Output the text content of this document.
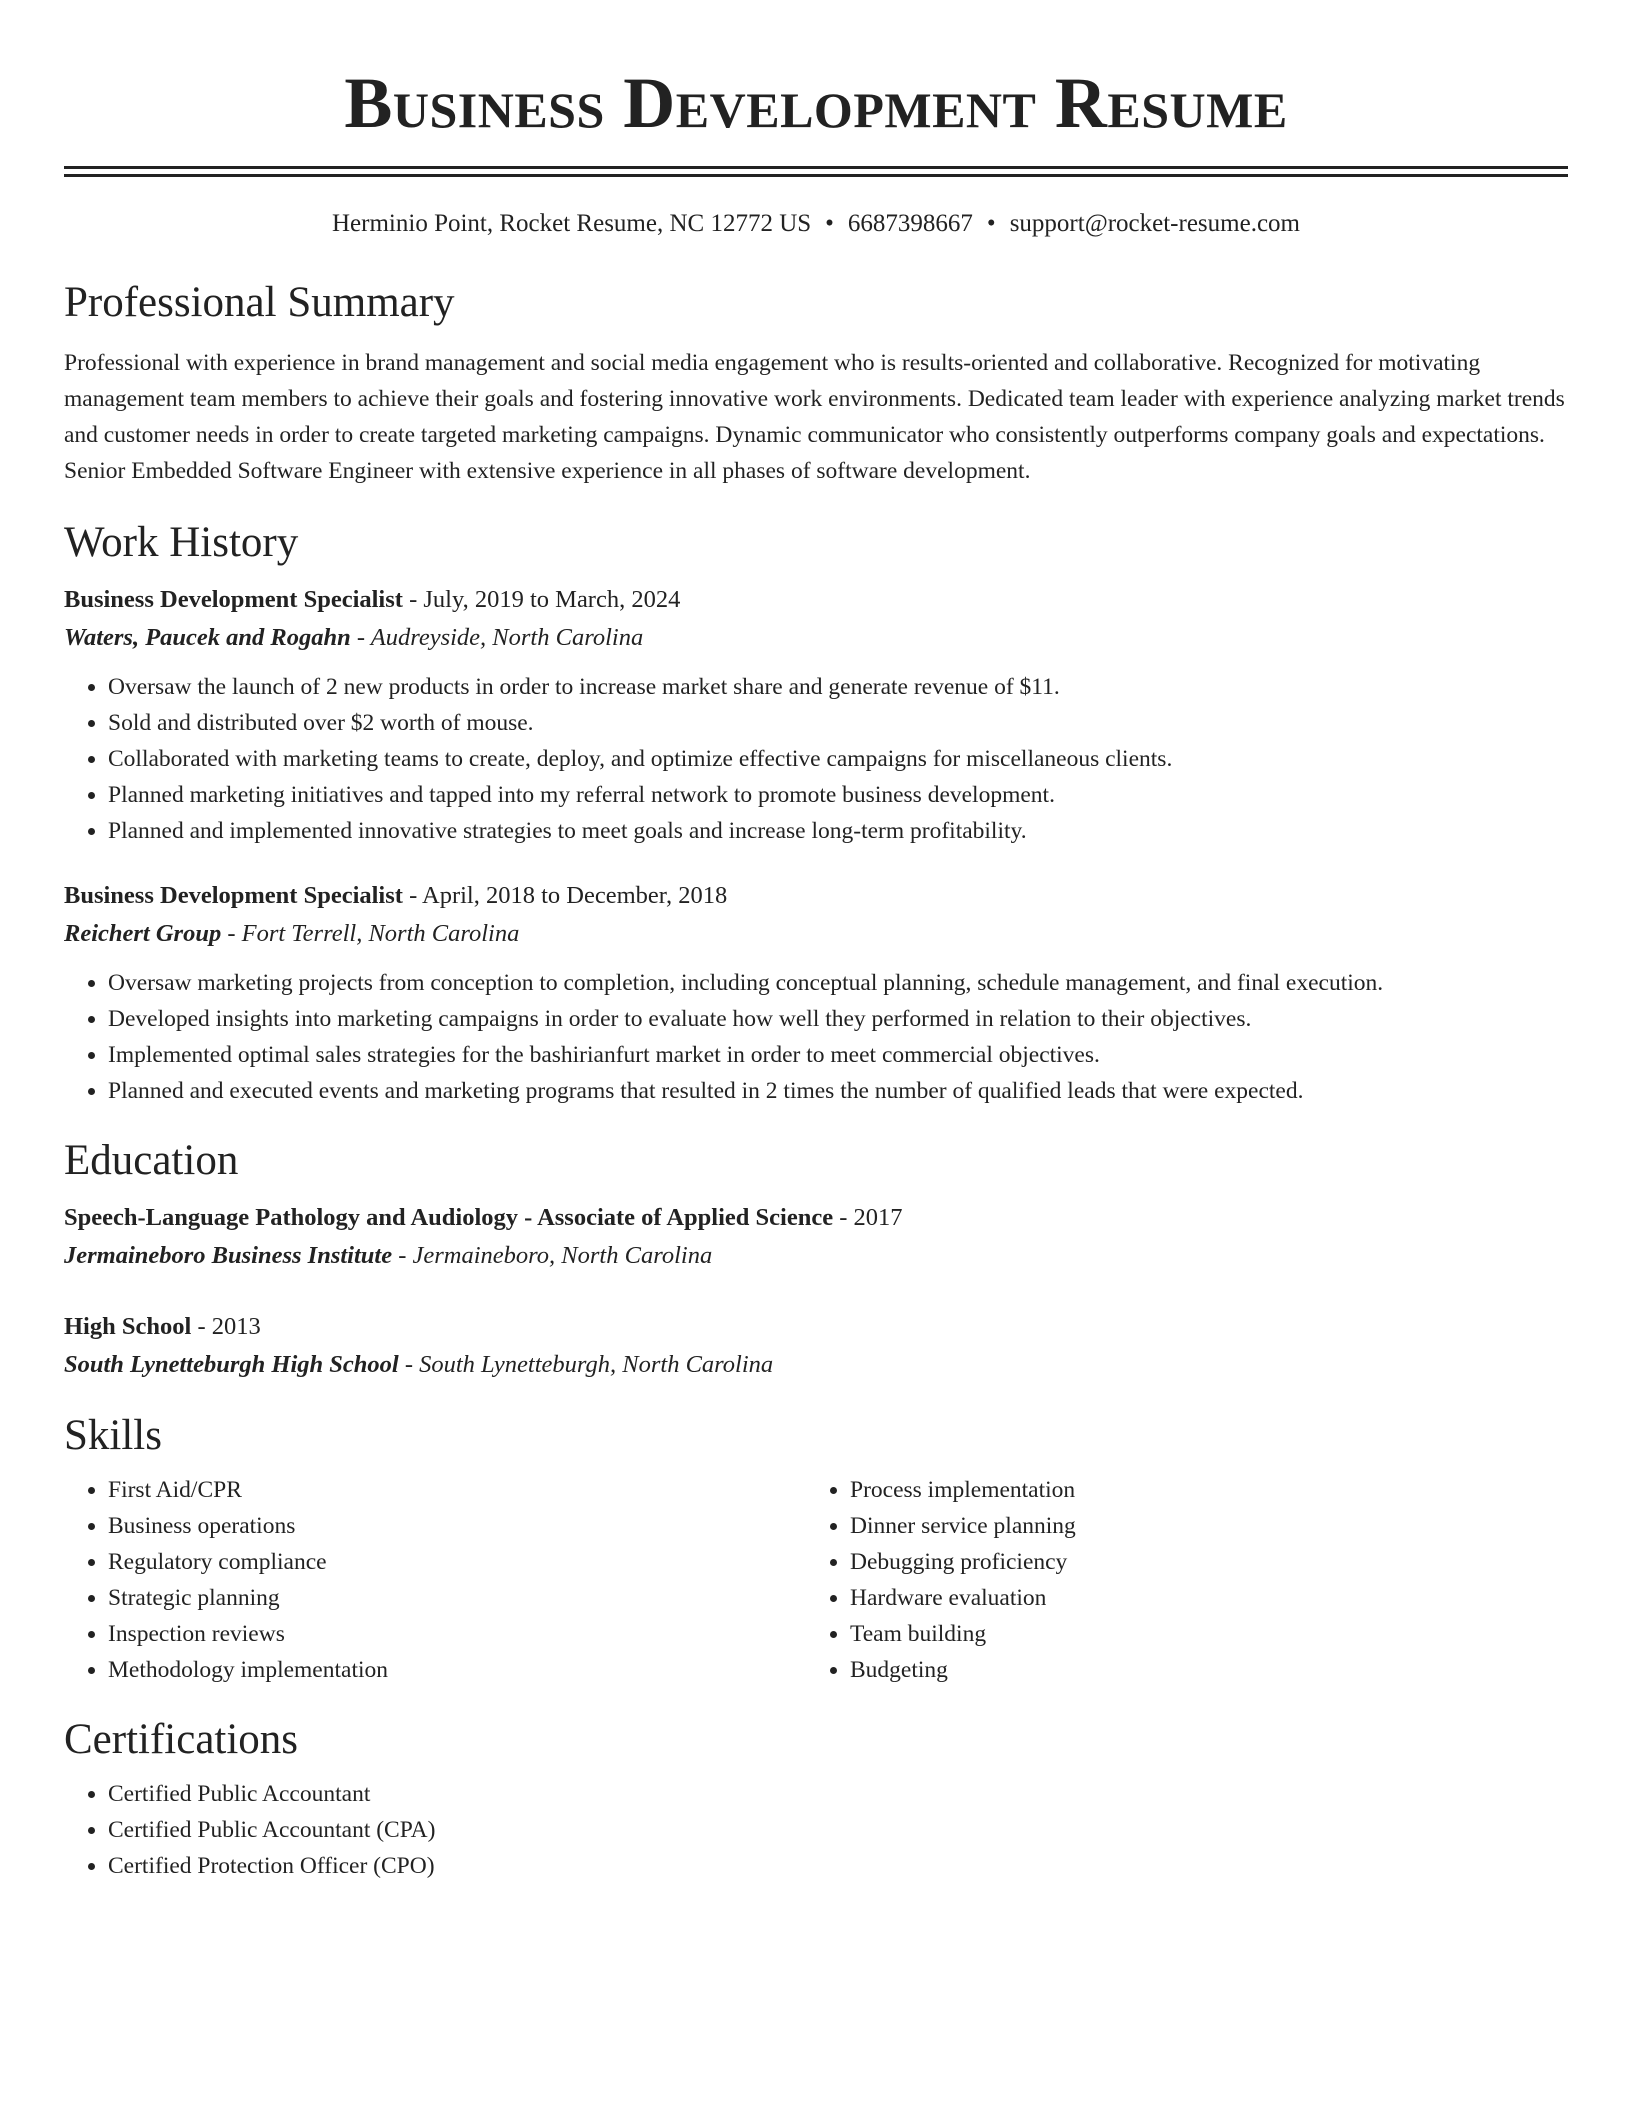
Business Development Resume
Herminio Point, Rocket Resume, NC 12772 US • 6687398667 • support@rocket-resume.com
Professional Summary

Professional with experience in brand management and social media engagement who is results-oriented and collaborative. Recognized for motivating management team members to achieve their goals and fostering innovative work environments. Dedicated team leader with experience analyzing market trends and customer needs in order to create targeted marketing campaigns. Dynamic communicator who consistently outperforms company goals and expectations. Senior Embedded Software Engineer with extensive experience in all phases of software development.

Work History
Business Development Specialist - July, 2019 to March, 2024
Waters, Paucek and Rogahn - Audreyside, North Carolina
• Oversaw the launch of 2 new products in order to increase market share and generate revenue of $11.
• Sold and distributed over $2 worth of mouse.
• Collaborated with marketing teams to create, deploy, and optimize effective campaigns for miscellaneous clients.
• Planned marketing initiatives and tapped into my referral network to promote business development.
• Planned and implemented innovative strategies to meet goals and increase long-term profitability.
Business Development Specialist - April, 2018 to December, 2018
Reichert Group - Fort Terrell, North Carolina
• Oversaw marketing projects from conception to completion, including conceptual planning, schedule management, and final execution.
• Developed insights into marketing campaigns in order to evaluate how well they performed in relation to their objectives.
• Implemented optimal sales strategies for the bashirianfurt market in order to meet commercial objectives.
• Planned and executed events and marketing programs that resulted in 2 times the number of qualified leads that were expected.
Education
Speech-Language Pathology and Audiology - Associate of Applied Science - 2017
Jermaineboro Business Institute - Jermaineboro, North Carolina
High School - 2013
South Lynetteburgh High School - South Lynetteburgh, North Carolina
Skills
• First Aid/CPR
• Business operations
• Regulatory compliance
• Strategic planning
• Inspection reviews
• Methodology implementation
• Process implementation
• Dinner service planning
• Debugging proficiency
• Hardware evaluation
• Team building
• Budgeting
Certifications
• Certified Public Accountant
• Certified Public Accountant (CPA)
• Certified Protection Officer (CPO)
